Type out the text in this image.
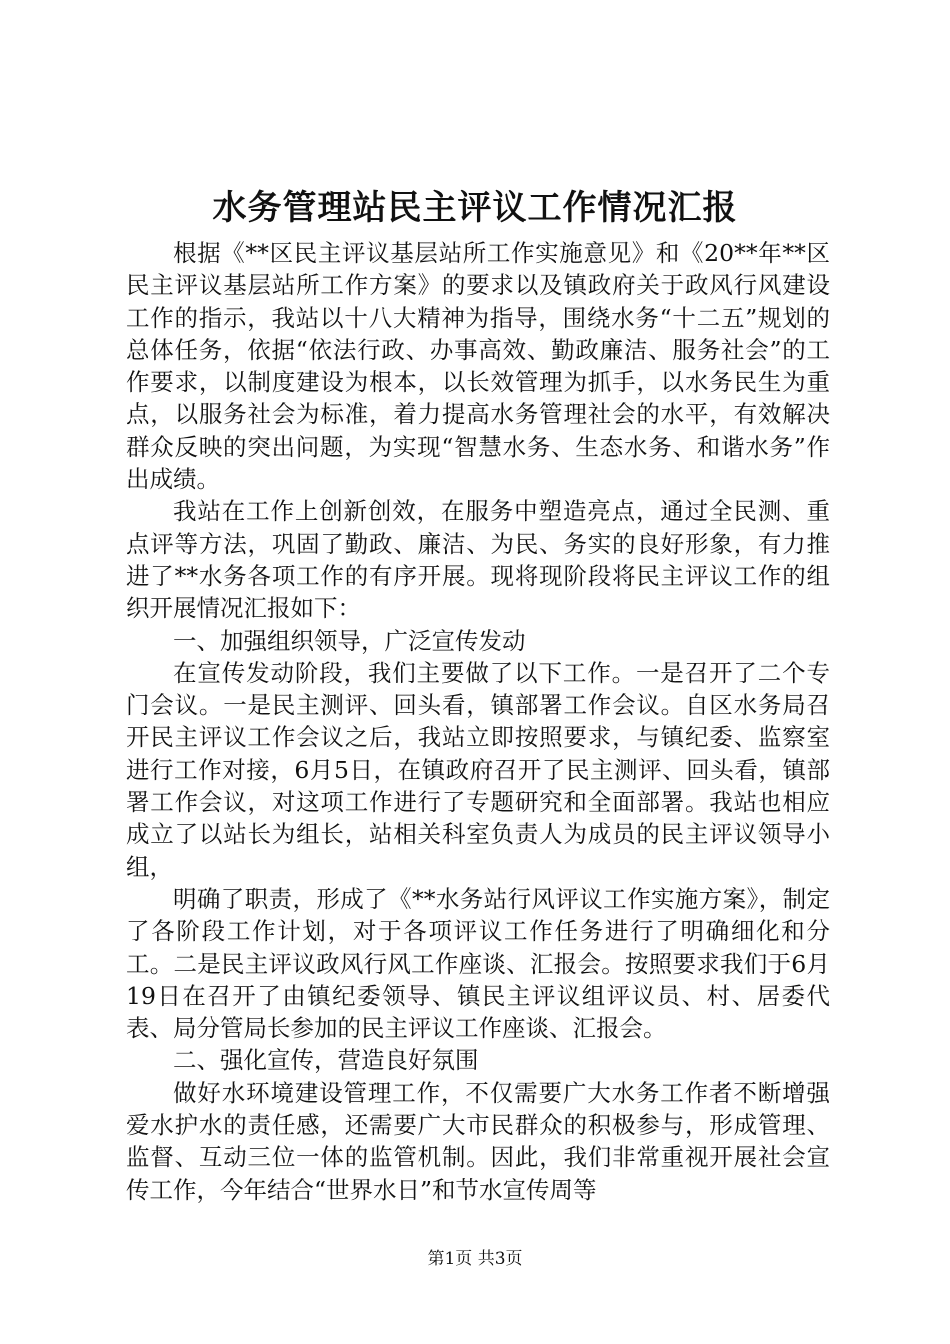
水务管理站民主评议工作情况汇报

根据《**区民主评议基层站所工作实施意见》和《20**年**区民主评议基层站所工作方案》的要求以及镇政府关于政风行风建设工作的指示，我站以十八大精神为指导，围绕水务“十二五”规划的总体任务，依据“依法行政、办事高效、勤政廉洁、服务社会”的工作要求，以制度建设为根本，以长效管理为抓手，以水务民生为重点，以服务社会为标准，着力提高水务管理社会的水平，有效解决群众反映的突出问题，为实现“智慧水务、生态水务、和谐水务”作出成绩。

我站在工作上创新创效，在服务中塑造亮点，通过全民测、重点评等方法，巩固了勤政、廉洁、为民、务实的良好形象，有力推进了**水务各项工作的有序开展。现将现阶段将民主评议工作的组织开展情况汇报如下：

一、加强组织领导，广泛宣传发动

在宣传发动阶段，我们主要做了以下工作。一是召开了二个专门会议。一是民主测评、回头看，镇部署工作会议。自区水务局召开民主评议工作会议之后，我站立即按照要求，与镇纪委、监察室进行工作对接，6月5日，在镇政府召开了民主测评、回头看，镇部署工作会议，对这项工作进行了专题研究和全面部署。我站也相应成立了以站长为组长，站相关科室负责人为成员的民主评议领导小组，

明确了职责，形成了《**水务站行风评议工作实施方案》，制定了各阶段工作计划，对于各项评议工作任务进行了明确细化和分工。二是民主评议政风行风工作座谈、汇报会。按照要求我们于6月19日在召开了由镇纪委领导、镇民主评议组评议员、村、居委代表、局分管局长参加的民主评议工作座谈、汇报会。

二、强化宣传，营造良好氛围

做好水环境建设管理工作，不仅需要广大水务工作者不断增强爱水护水的责任感，还需要广大市民群众的积极参与，形成管理、监督、互动三位一体的监管机制。因此，我们非常重视开展社会宣传工作，今年结合“世界水日”和节水宣传周等

第1页 共3页
